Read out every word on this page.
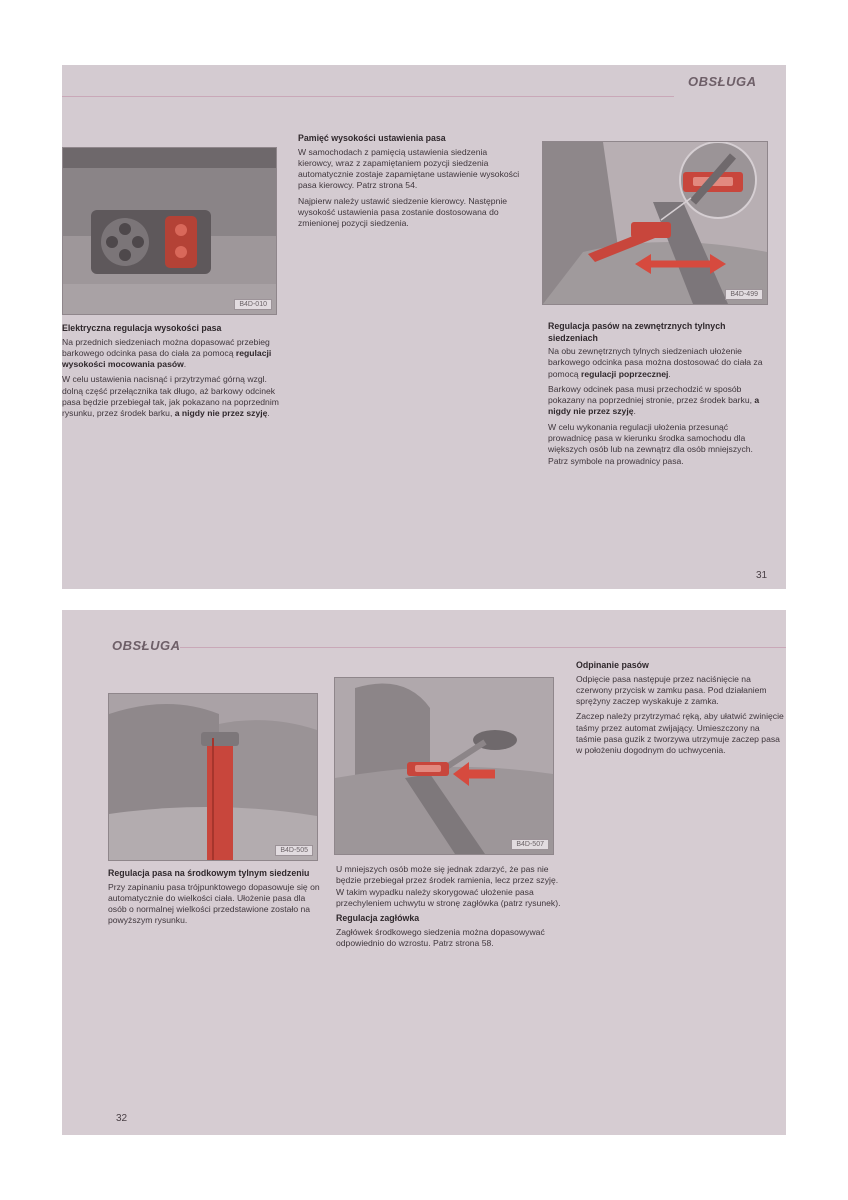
OBSŁUGA
B4D-010
B4D-499
Elektryczna regulacja wysokości pasa

Na przednich siedzeniach można dopasować przebieg barkowego odcinka pasa do ciała za pomocą regulacji wysokości mocowania pasów.

W celu ustawienia nacisnąć i przytrzymać górną wzgl. dolną część przełącznika tak długo, aż barkowy odcinek pasa będzie przebiegał tak, jak pokazano na poprzednim rysunku, przez środek barku, a nigdy nie przez szyję.

Pamięć wysokości ustawienia pasa

W samochodach z pamięcią ustawienia siedzenia kierowcy, wraz z zapamiętaniem pozycji siedzenia automatycznie zostaje zapamiętane ustawienie wysokości pasa kierowcy. Patrz strona 54.

Najpierw należy ustawić siedzenie kierowcy. Następnie wysokość ustawienia pasa zostanie dostosowana do zmienionej pozycji siedzenia.

Regulacja pasów na zewnętrznych tylnych siedzeniach

Na obu zewnętrznych tylnych siedzeniach ułożenie barkowego odcinka pasa można dostosować do ciała za pomocą regulacji poprzecznej.

Barkowy odcinek pasa musi przechodzić w sposób pokazany na poprzedniej stronie, przez środek barku, a nigdy nie przez szyję.

W celu wykonania regulacji ułożenia przesunąć prowadnicę pasa w kierunku środka samochodu dla większych osób lub na zewnątrz dla osób mniejszych. Patrz symbole na prowadnicy pasa.

31
OBSŁUGA
B4D-505
B4D-507
Regulacja pasa na środkowym tylnym siedzeniu

Przy zapinaniu pasa trójpunktowego dopasowuje się on automatycznie do wielkości ciała. Ułożenie pasa dla osób o normalnej wielkości przedstawione zostało na powyższym rysunku.

U mniejszych osób może się jednak zdarzyć, że pas nie będzie przebiegał przez środek ramienia, lecz przez szyję. W takim wypadku należy skorygować ułożenie pasa przechyleniem uchwytu w stronę zagłówka (patrz rysunek).

Regulacja zagłówka

Zagłówek środkowego siedzenia można dopasowywać odpowiednio do wzrostu. Patrz strona 58.

Odpinanie pasów

Odpięcie pasa następuje przez naciśnięcie na czerwony przycisk w zamku pasa. Pod działaniem sprężyny zaczep wyskakuje z zamka.

Zaczep należy przytrzymać ręką, aby ułatwić zwinięcie taśmy przez automat zwijający. Umieszczony na taśmie pasa guzik z tworzywa utrzymuje zaczep pasa w położeniu dogodnym do uchwycenia.

32
